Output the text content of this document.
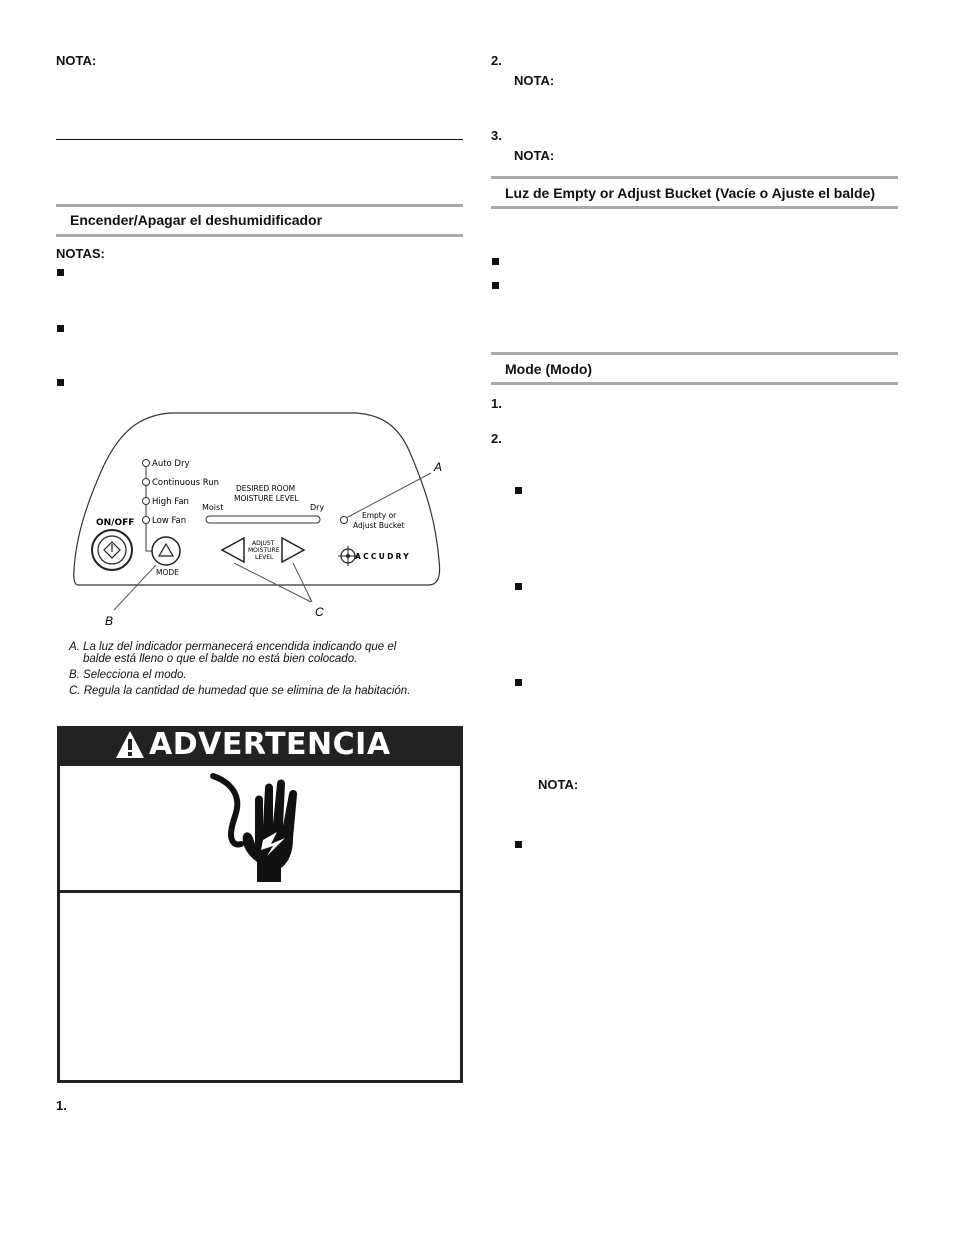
NOTA:
Encender/Apagar el deshumidificador
NOTAS:
Auto Dry
Continuous Run
High Fan
Low Fan
ON/OFF
MODE
DESIRED ROOM
MOISTURE LEVEL
Moist	Dry
ADJUST
MOISTURE
LEVEL
Empty or
Adjust Bucket
ACCUDRY
A
B
C
A. La luz del indicador permanecerá encendida indicando que el
balde está lleno o que el balde no está bien colocado.
B. Selecciona el modo.
C. Regula la cantidad de humedad que se elimina de la habitación.
ADVERTENCIA
1.
2.
NOTA:
3.
NOTA:
Luz de Empty or Adjust Bucket (Vacíe o Ajuste el balde)
Mode (Modo)
1.
2.
NOTA:
